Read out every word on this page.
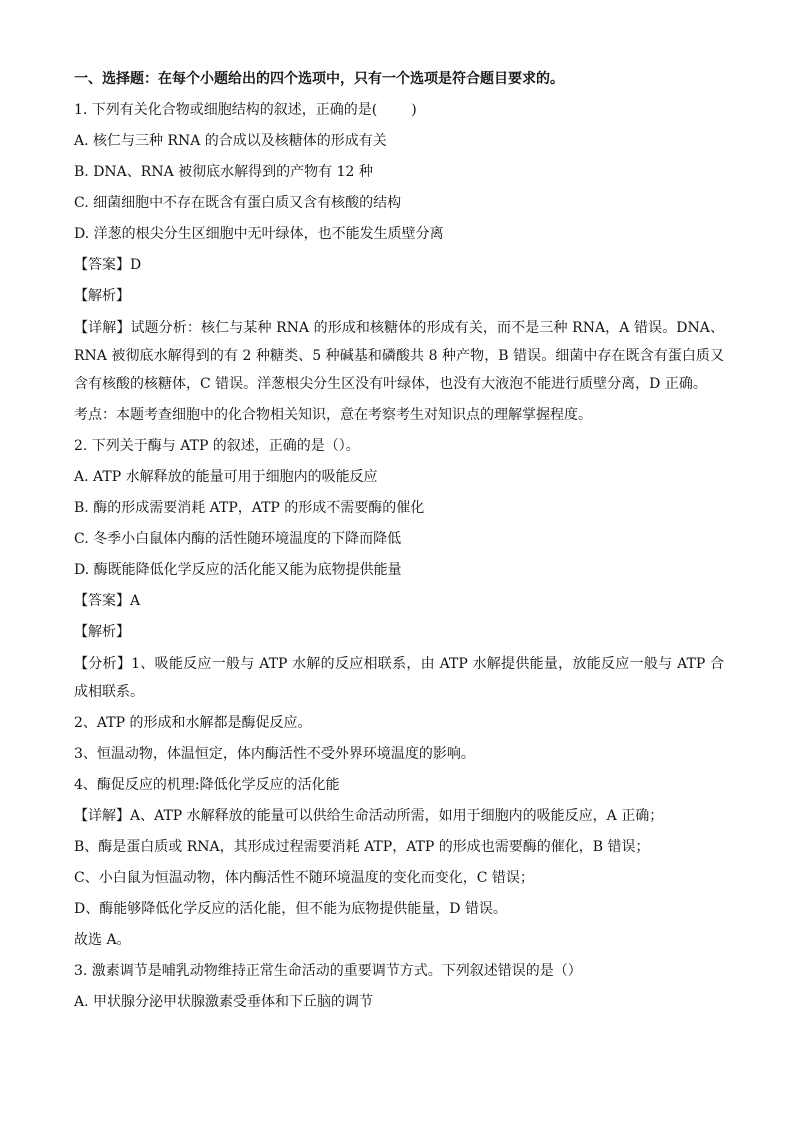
一、选择题：在每个小题给出的四个选项中，只有一个选项是符合题目要求的。
1. 下列有关化合物或细胞结构的叙述，正确的是( )
A. 核仁与三种 RNA 的合成以及核糖体的形成有关
B. DNA、RNA 被彻底水解得到的产物有 12 种
C. 细菌细胞中不存在既含有蛋白质又含有核酸的结构
D. 洋葱的根尖分生区细胞中无叶绿体，也不能发生质壁分离
【答案】D
【解析】
【详解】试题分析：核仁与某种 RNA 的形成和核糖体的形成有关，而不是三种 RNA，A 错误。DNA、RNA 被彻底水解得到的有 2 种糖类、5 种碱基和磷酸共 8 种产物，B 错误。细菌中存在既含有蛋白质又含有核酸的核糖体，C 错误。洋葱根尖分生区没有叶绿体，也没有大液泡不能进行质壁分离，D 正确。
考点：本题考查细胞中的化合物相关知识，意在考察考生对知识点的理解掌握程度。
2. 下列关于酶与 ATP 的叙述，正确的是（）。
A. ATP 水解释放的能量可用于细胞内的吸能反应
B. 酶的形成需要消耗 ATP，ATP 的形成不需要酶的催化
C. 冬季小白鼠体内酶的活性随环境温度的下降而降低
D. 酶既能降低化学反应的活化能又能为底物提供能量
【答案】A
【解析】
【分析】1、吸能反应一般与 ATP 水解的反应相联系，由 ATP 水解提供能量，放能反应一般与 ATP 合成相联系。
2、ATP 的形成和水解都是酶促反应。
3、恒温动物，体温恒定，体内酶活性不受外界环境温度的影响。
4、酶促反应的机理:降低化学反应的活化能
【详解】A、ATP 水解释放的能量可以供给生命活动所需，如用于细胞内的吸能反应，A 正确；
B、酶是蛋白质或 RNA，其形成过程需要消耗 ATP，ATP 的形成也需要酶的催化，B 错误；
C、小白鼠为恒温动物，体内酶活性不随环境温度的变化而变化，C 错误；
D、酶能够降低化学反应的活化能，但不能为底物提供能量，D 错误。
故选 A。
3. 激素调节是哺乳动物维持正常生命活动的重要调节方式。下列叙述错误的是（）
A. 甲状腺分泌甲状腺激素受垂体和下丘脑的调节
